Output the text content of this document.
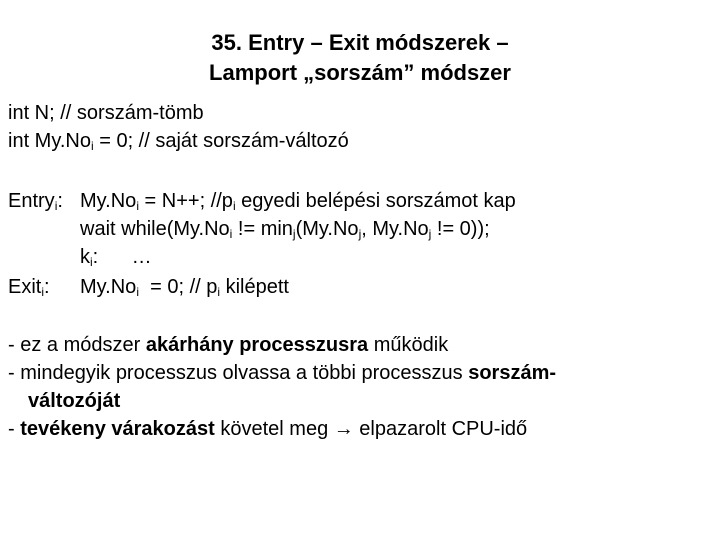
35. Entry – Exit módszerek –
Lamport „sorszám” módszer
int N; // sorszám-tömb
int $My.No_i = 0$; // saját sorszám-változó
Entry$_i$: $My.No_i = N++$; $//p_i$ egyedi belépési sorszámot kap
wait $while(My.No_i$ != $\min_j(My.No_j$, $My.No_j$ != 0));
$k_i$:      …
Exit$_i$: $My.No_i = 0$; // $p_i$ kilépett
- ez a módszer akárhány processzusra működik
- mindegyik processzus olvassa a többi processzus sorszám-
változóját
- tevékeny várakozást követel meg → elpazarolt CPU-idő
